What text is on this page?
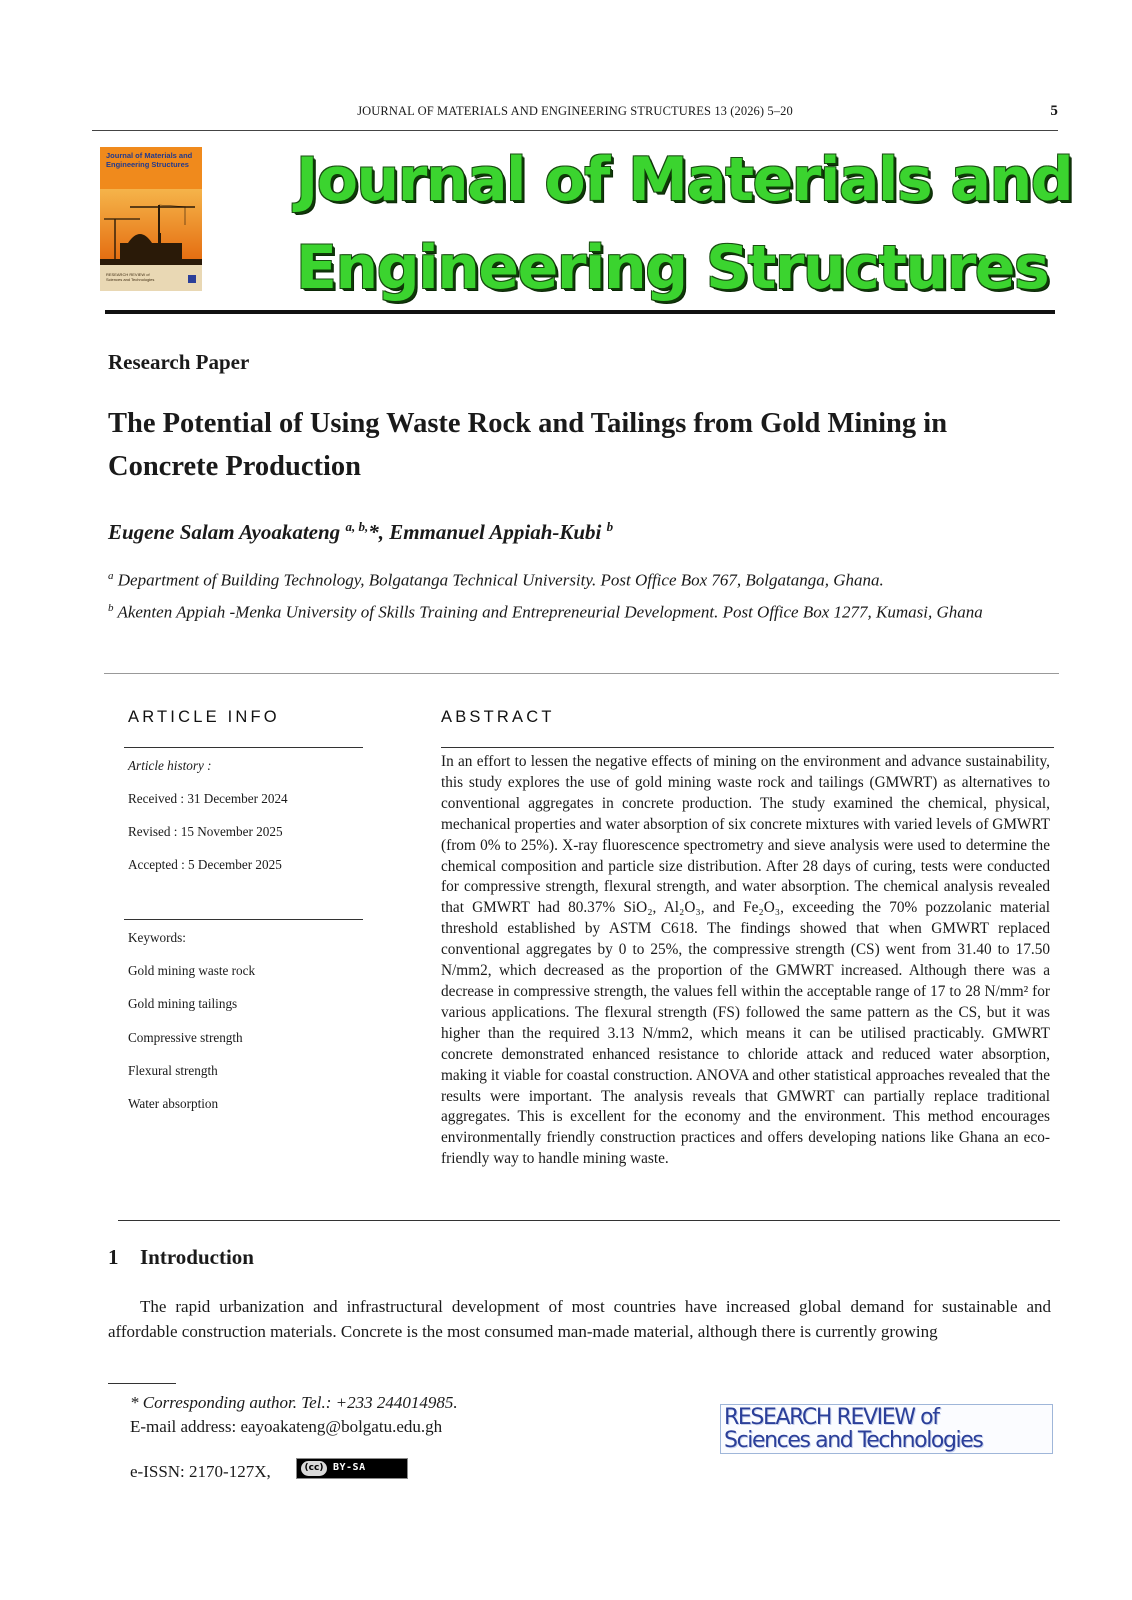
JOURNAL OF MATERIALS AND ENGINEERING STRUCTURES 13 (2026) 5–20	5
Journal of Materials and
Engineering Structures
RESEARCH REVIEW of
Sciences and Technologies
Journal of Materials and
Engineering Structures
Research Paper
The Potential of Using Waste Rock and Tailings from Gold Mining in Concrete Production
Eugene Salam Ayoakateng $^{a, b,}$*, Emmanuel Appiah-Kubi $^b$
$^a$ Department of Building Technology, Bolgatanga Technical University. Post Office Box 767, Bolgatanga, Ghana.
$^b$ Akenten Appiah -Menka University of Skills Training and Entrepreneurial Development. Post Office Box 1277, Kumasi, Ghana
ARTICLE INFO
Article history :
Received : 31 December 2024
Revised : 15 November 2025
Accepted : 5 December 2025
Keywords:
Gold mining waste rock
Gold mining tailings
Compressive strength
Flexural strength
Water absorption
ABSTRACT
In an effort to lessen the negative effects of mining on the environment and advance sustainability, this study explores the use of gold mining waste rock and tailings (GMWRT) as alternatives to conventional aggregates in concrete production. The study examined the chemical, physical, mechanical properties and water absorption of six concrete mixtures with varied levels of GMWRT (from 0% to 25%). X-ray fluorescence spectrometry and sieve analysis were used to determine the chemical composition and particle size distribution. After 28 days of curing, tests were conducted for compressive strength, flexural strength, and water absorption. The chemical analysis revealed that GMWRT had 80.37% SiO₂, Al₂O₃, and Fe₂O₃, exceeding the 70% pozzolanic material threshold established by ASTM C618. The findings showed that when GMWRT replaced conventional aggregates by 0 to 25%, the compressive strength (CS) went from 31.40 to 17.50 N/mm2, which decreased as the proportion of the GMWRT increased. Although there was a decrease in compressive strength, the values fell within the acceptable range of 17 to 28 N/mm² for various applications. The flexural strength (FS) followed the same pattern as the CS, but it was higher than the required 3.13 N/mm2, which means it can be utilised practicably. GMWRT concrete demonstrated enhanced resistance to chloride attack and reduced water absorption, making it viable for coastal construction. ANOVA and other statistical approaches revealed that the results were important. The analysis reveals that GMWRT can partially replace traditional aggregates. This is excellent for the economy and the environment. This method encourages environmentally friendly construction practices and offers developing nations like Ghana an eco-friendly way to handle mining waste.
1 Introduction
The rapid urbanization and infrastructural development of most countries have increased global demand for sustainable and affordable construction materials. Concrete is the most consumed man-made material, although there is currently growing
* Corresponding author. Tel.: +233 244014985.
E-mail address: eayoakateng@bolgatu.edu.gh
e-ISSN: 2170-127X,	(cc) BY-SA
RESEARCH REVIEW of
Sciences and Technologies
